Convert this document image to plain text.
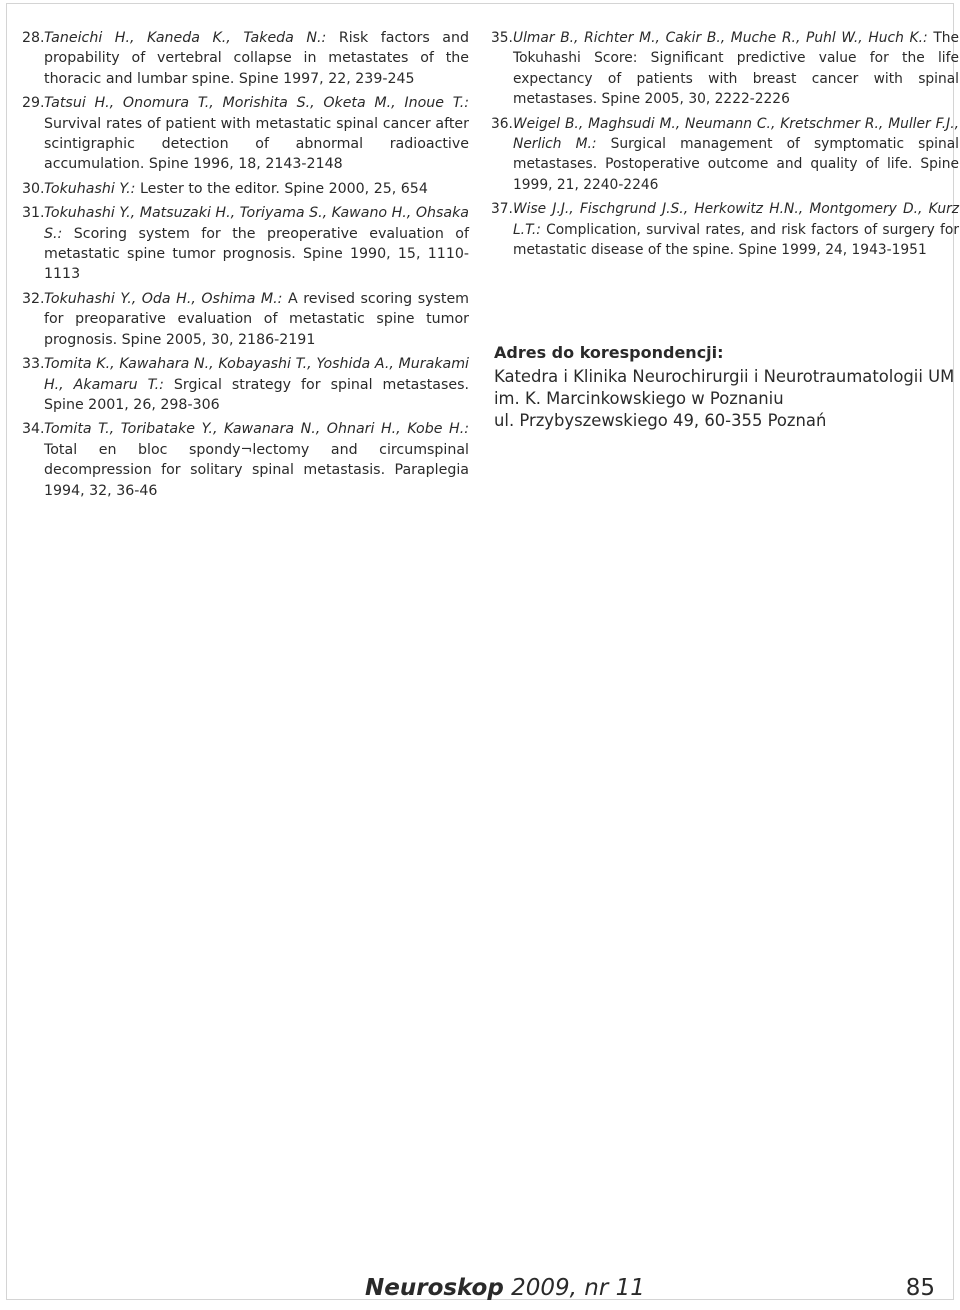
28. Taneichi H., Kaneda K., Takeda N.: Risk factors and propability of vertebral collapse in metastates of the thoracic and lumbar spine. Spine 1997, 22, 239-245
29. Tatsui H., Onomura T., Morishita S., Oketa M., Inoue T.: Survival rates of patient with metastatic spinal cancer after scintigraphic detection of abnormal radioactive accumulation. Spine 1996, 18, 2143-2148
30. Tokuhashi Y.: Lester to the editor. Spine 2000, 25, 654
31. Tokuhashi Y., Matsuzaki H., Toriyama S., Kawano H., Ohsaka S.: Scoring system for the preoperative evaluation of metastatic spine tumor prognosis. Spine 1990, 15, 1110-1113
32. Tokuhashi Y., Oda H., Oshima M.: A revised scoring system for preoparative evaluation of metastatic spine tumor prognosis. Spine 2005, 30, 2186-2191
33. Tomita K., Kawahara N., Kobayashi T., Yoshida A., Murakami H., Akamaru T.: Srgical strategy for spinal metastases. Spine 2001, 26, 298-306
34. Tomita T., Toribatake Y., Kawanara N., Ohnari H., Kobe H.: Total en bloc spondy¬lectomy and circumspinal decompression for solitary spinal metastasis. Paraplegia 1994, 32, 36-46
35. Ulmar B., Richter M., Cakir B., Muche R., Puhl W., Huch K.: The Tokuhashi Score: Significant predictive value for the life expectancy of patients with breast cancer with spinal metastases. Spine 2005, 30, 2222-2226
36. Weigel B., Maghsudi M., Neumann C., Kretschmer R., Muller F.J., Nerlich M.: Surgical management of symptomatic spinal metastases. Postoperative outcome and quality of life. Spine 1999, 21, 2240-2246
37. Wise J.J., Fischgrund J.S., Herkowitz H.N., Montgomery D., Kurz L.T.: Complication, survival rates, and risk factors of surgery for metastatic disease of the spine. Spine 1999, 24, 1943-1951
Adres do korespondencji:
Katedra i Klinika Neurochirurgii i Neurotraumatologii UM im. K. Marcinkowskiego w Poznaniu
ul. Przybyszewskiego 49, 60-355 Poznań
Neuroskop 2009, nr 11	85
